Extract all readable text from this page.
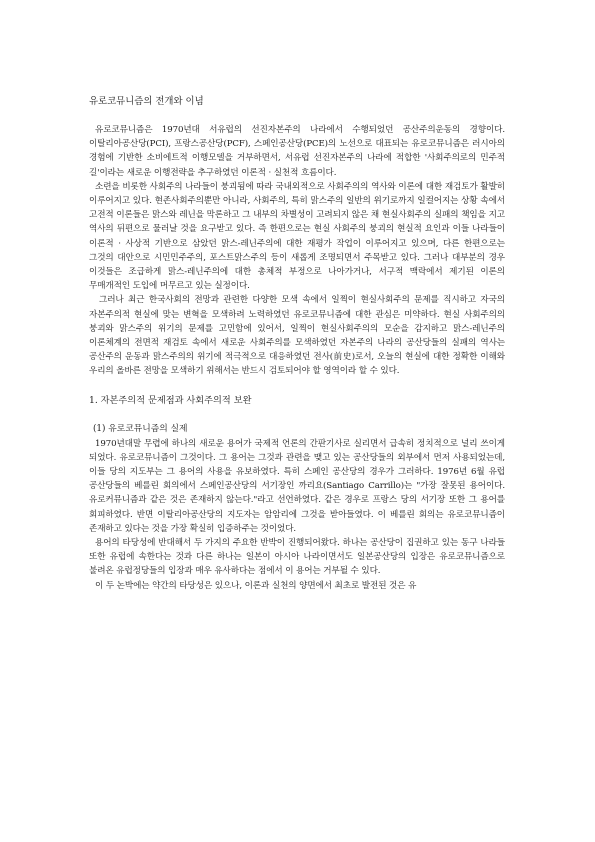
유로코뮤니즘의 전개와 이념

유로코뮤니즘은 1970년대 서유럽의 선진자본주의 나라에서 수행되었던 공산주의운동의 경향이다. 이탈리아공산당(PCI), 프랑스공산당(PCF), 스페인공산당(PCE)의 노선으로 대표되는 유로코뮤니즘은 러시아의 경험에 기반한 소비에트적 이행모델을 거부하면서, 서유럽 선진자본주의 나라에 적합한 '사회주의로의 민주적 길'이라는 새로운 이행전략을 추구하였던 이론적 · 실천적 흐름이다.

소련을 비롯한 사회주의 나라들이 붕괴됨에 따라 국내외적으로 사회주의의 역사와 이론에 대한 재검토가 활발히 이루어지고 있다. 현존사회주의뿐만 아니라, 사회주의, 특히 맑스주의 일반의 위기로까지 일컬어지는 상황 속에서 고전적 이론들은 맑스와 레닌을 막론하고 그 내부의 차별성이 고려되지 않은 채 현실사회주의 실패의 책임을 지고 역사의 뒤편으로 물러날 것을 요구받고 있다. 즉 한편으로는 현실 사회주의 붕괴의 현실적 요인과 이들 나라들이 이론적 · 사상적 기반으로 삼았던 맑스-레닌주의에 대한 재평가 작업이 이루어지고 있으며, 다른 한편으로는 그것의 대안으로 시민민주주의, 포스트맑스주의 등이 새롭게 조명되면서 주목받고 있다. 그러나 대부분의 경우 이것들은 조급하게 맑스-레닌주의에 대한 총체적 부정으로 나아가거나, 서구적 맥락에서 제기된 이론의 무매개적인 도입에 머무르고 있는 실정이다.

그러나 최근 한국사회의 전망과 관련한 다양한 모색 속에서 일찍이 현실사회주의 문제를 직시하고 자국의 자본주의적 현실에 맞는 변혁을 모색하려 노력하였던 유로코뮤니즘에 대한 관심은 미약하다. 현실 사회주의의 붕괴와 맑스주의 위기의 문제를 고민함에 있어서, 일찍이 현실사회주의의 모순을 감지하고 맑스-레닌주의 이론체계의 전면적 재검토 속에서 새로운 사회주의를 모색하였던 자본주의 나라의 공산당들의 실패의 역사는 공산주의 운동과 맑스주의의 위기에 적극적으로 대응하였던 전사(前史)로서, 오늘의 현실에 대한 정확한 이해와 우리의 올바른 전망을 모색하기 위해서는 반드시 검토되어야 할 영역이라 할 수 있다.

1. 자본주의적 문제점과 사회주의적 보완
(1) 유로코뮤니즘의 실제

1970년대말 무렵에 하나의 새로운 용어가 국제적 언론의 간판기사로 실리면서 급속히 정치적으로 널리 쓰이게 되었다. 유로코뮤니즘이 그것이다. 그 용어는 그것과 관련을 맺고 있는 공산당들의 외부에서 먼저 사용되었는데, 이들 당의 지도부는 그 용어의 사용을 유보하였다. 특히 스페인 공산당의 경우가 그러하다. 1976년 6월 유럽 공산당들의 베를린 회의에서 스페인공산당의 서기장인 까리요(Santiago Carrillo)는 "가장 잘못된 용어이다. 유로커뮤니즘과 같은 것은 존재하지 않는다."라고 선언하였다. 같은 경우로 프랑스 당의 서기장 또한 그 용어를 회피하였다. 반면 이탈리아공산당의 지도자는 암암리에 그것을 받아들였다. 이 베를린 회의는 유로코뮤니즘이 존재하고 있다는 것을 가장 확실히 입증하주는 것이었다.

용어의 타당성에 반대해서 두 가지의 주요한 반박이 진행되어왔다. 하나는 공산당이 집권하고 있는 동구 나라들 또한 유럽에 속한다는 것과 다른 하나는 일본이 아시아 나라이면서도 일본공산당의 입장은 유로코뮤니즘으로 불려온 유럽정당들의 입장과 매우 유사하다는 점에서 이 용어는 거부될 수 있다.

이 두 논박에는 약간의 타당성은 있으나, 이론과 실천의 양면에서 최초로 발전된 것은 유
